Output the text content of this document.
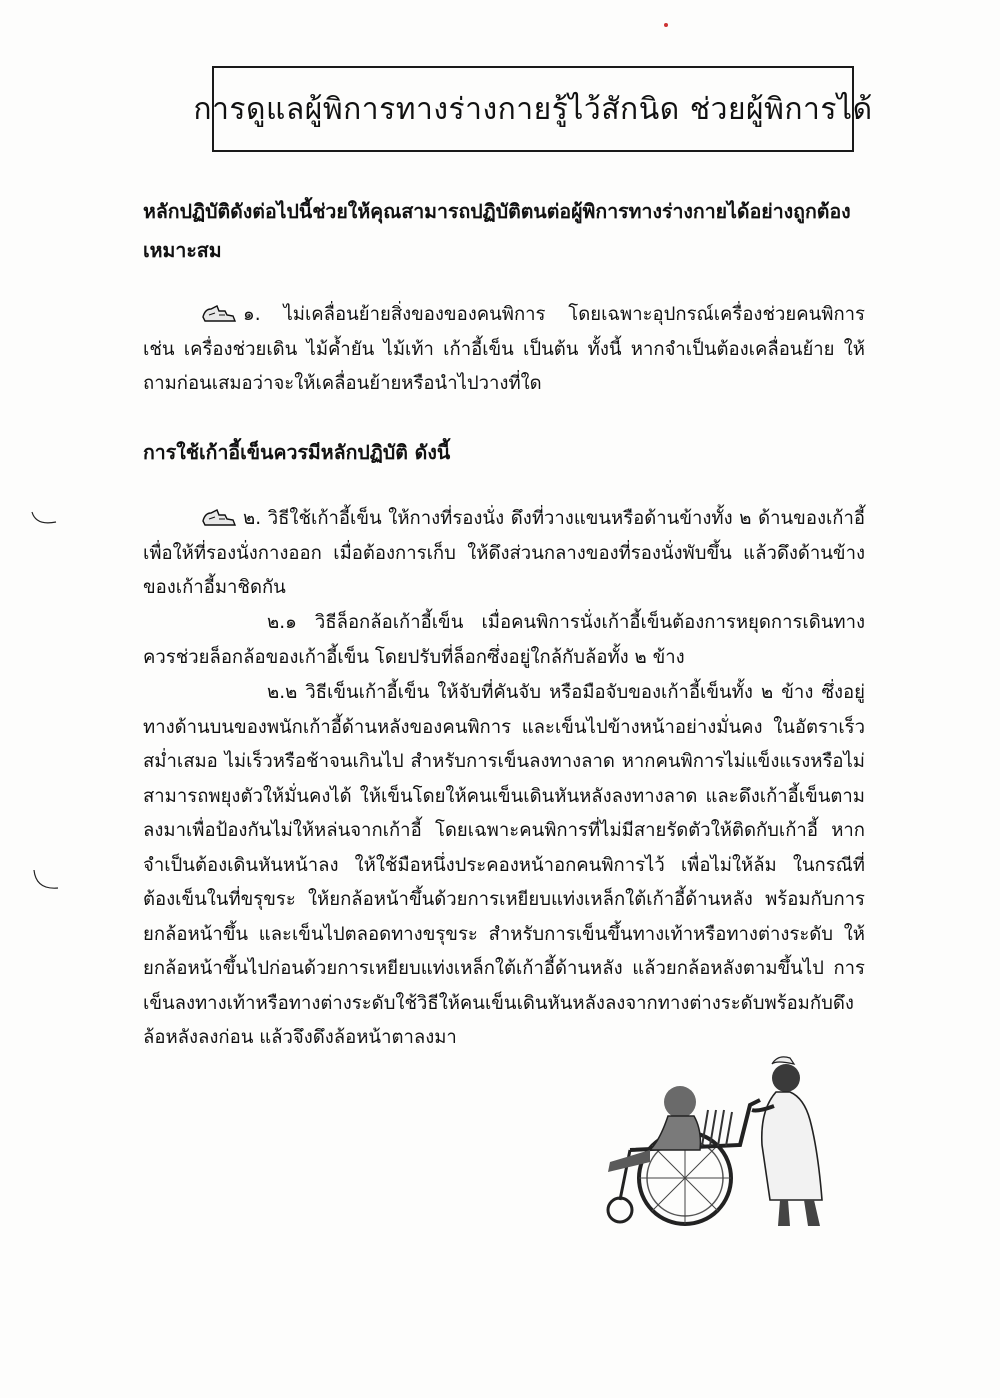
การดูแลผู้พิการทางร่างกายรู้ไว้สักนิด ช่วยผู้พิการได้
หลักปฏิบัติดังต่อไปนี้ช่วยให้คุณสามารถปฏิบัติตนต่อผู้พิการทางร่างกายได้อย่างถูกต้องเหมาะสม
๑. ไม่เคลื่อนย้ายสิ่งของของคนพิการ โดยเฉพาะอุปกรณ์เครื่องช่วยคนพิการ เช่น เครื่องช่วยเดิน ไม้ค้ำยัน ไม้เท้า เก้าอี้เข็น เป็นต้น ทั้งนี้ หากจำเป็นต้องเคลื่อนย้าย ให้ถามก่อนเสมอว่าจะให้เคลื่อนย้ายหรือนำไปวางที่ใด
การใช้เก้าอี้เข็นควรมีหลักปฏิบัติ ดังนี้
๒. วิธีใช้เก้าอี้เข็น ให้กางที่รองนั่ง ดึงที่วางแขนหรือด้านข้างทั้ง ๒ ด้านของเก้าอี้เพื่อให้ที่รองนั่งกางออก เมื่อต้องการเก็บ ให้ดึงส่วนกลางของที่รองนั่งพับขึ้น แล้วดึงด้านข้างของเก้าอี้มาชิดกัน
๒.๑ วิธีล็อกล้อเก้าอี้เข็น เมื่อคนพิการนั่งเก้าอี้เข็นต้องการหยุดการเดินทาง ควรช่วยล็อกล้อของเก้าอี้เข็น โดยปรับที่ล็อกซึ่งอยู่ใกล้กับล้อทั้ง ๒ ข้าง
๒.๒ วิธีเข็นเก้าอี้เข็น ให้จับที่คันจับ หรือมือจับของเก้าอี้เข็นทั้ง ๒ ข้าง ซึ่งอยู่ทางด้านบนของพนักเก้าอี้ด้านหลังของคนพิการ และเข็นไปข้างหน้าอย่างมั่นคง ในอัตราเร็วสม่ำเสมอ ไม่เร็วหรือช้าจนเกินไป สำหรับการเข็นลงทางลาด หากคนพิการไม่แข็งแรงหรือไม่สามารถพยุงตัวให้มั่นคงได้ ให้เข็นโดยให้คนเข็นเดินหันหลังลงทางลาด และดึงเก้าอี้เข็นตามลงมาเพื่อป้องกันไม่ให้หล่นจากเก้าอี้ โดยเฉพาะคนพิการที่ไม่มีสายรัดตัวให้ติดกับเก้าอี้ หากจำเป็นต้องเดินหันหน้าลง ให้ใช้มือหนึ่งประคองหน้าอกคนพิการไว้ เพื่อไม่ให้ล้ม ในกรณีที่ต้องเข็นในที่ขรุขระ ให้ยกล้อหน้าขึ้นด้วยการเหยียบแท่งเหล็กใต้เก้าอี้ด้านหลัง พร้อมกับการยกล้อหน้าขึ้น และเข็นไปตลอดทางขรุขระ สำหรับการเข็นขึ้นทางเท้าหรือทางต่างระดับ ให้ยกล้อหน้าขึ้นไปก่อนด้วยการเหยียบแท่งเหล็กใต้เก้าอี้ด้านหลัง แล้วยกล้อหลังตามขึ้นไป การเข็นลงทางเท้าหรือทางต่างระดับใช้วิธีให้คนเข็นเดินหันหลังลงจากทางต่างระดับพร้อมกับดึงล้อหลังลงก่อน แล้วจึงดึงล้อหน้าตาลงมา
